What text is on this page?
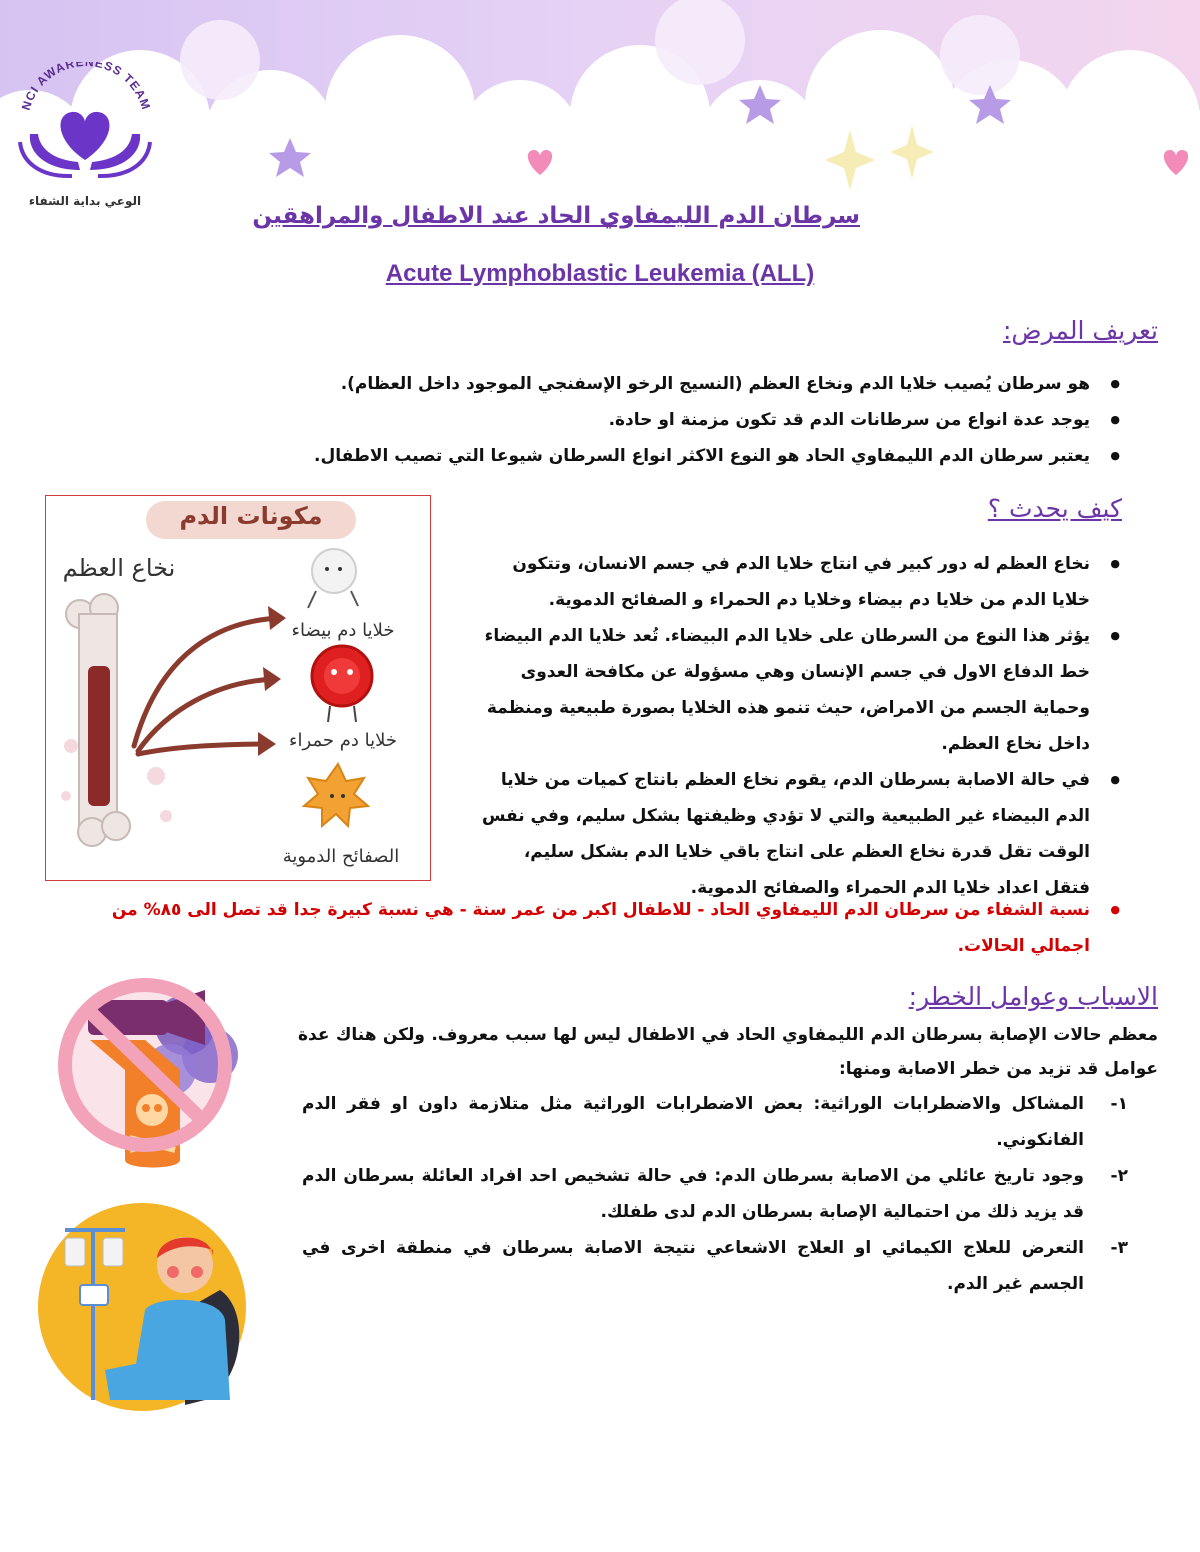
NCI AWARENESS TEAM
الوعي بداية الشفاء
سرطان الدم الليمفاوي الحاد عند الاطفال والمراهقين
Acute Lymphoblastic Leukemia (ALL)
تعريف المرض:
● هو سرطان يُصيب خلايا الدم ونخاع العظم (النسيج الرخو الإسفنجي الموجود داخل العظام).
● يوجد عدة انواع من سرطانات الدم قد تكون مزمنة او حادة.
● يعتبر سرطان الدم الليمفاوي الحاد هو النوع الاكثر انواع السرطان شيوعا التي تصيب الاطفال.
مكونات الدم
نخاع العظم
خلايا دم بيضاء
خلايا دم حمراء
الصفائح الدموية
كيف يحدث ؟
● نخاع العظم له دور كبير في انتاج خلايا الدم في جسم الانسان، وتتكون خلايا الدم من خلايا دم بيضاء وخلايا دم الحمراء و الصفائح الدموية.
● يؤثر هذا النوع من السرطان على خلايا الدم البيضاء. تُعد خلايا الدم البيضاء خط الدفاع الاول في جسم الإنسان وهي مسؤولة عن مكافحة العدوى وحماية الجسم من الامراض، حيث تنمو هذه الخلايا بصورة طبيعية ومنظمة داخل نخاع العظم.
● في حالة الاصابة بسرطان الدم، يقوم نخاع العظم بانتاج كميات من خلايا الدم البيضاء غير الطبيعية والتي لا تؤدي وظيفتها بشكل سليم، وفي نفس الوقت تقل قدرة نخاع العظم على انتاج باقي خلايا الدم بشكل سليم، فتقل اعداد خلايا الدم الحمراء والصفائح الدموية.
● نسبة الشفاء من سرطان الدم الليمفاوي الحاد - للاطفال اكبر من عمر سنة - هي نسبة كبيرة جدا قد تصل الى ٨٥% من اجمالي الحالات.
الاسباب وعوامل الخطر:
معظم حالات الإصابة بسرطان الدم الليمفاوي الحاد في الاطفال ليس لها سبب معروف. ولكن هناك عدة عوامل قد تزيد من خطر الاصابة ومنها:
١-
المشاكل والاضطرابات الوراثية: بعض الاضطرابات الوراثية مثل متلازمة داون او فقر الدم الفانكوني.
٢-
وجود تاريخ عائلي من الاصابة بسرطان الدم: في حالة تشخيص احد افراد العائلة بسرطان الدم قد يزيد ذلك من احتمالية الإصابة بسرطان الدم لدى طفلك.
٣-
التعرض للعلاج الكيمائي او العلاج الاشعاعي نتيجة الاصابة بسرطان في منطقة اخرى في الجسم غير الدم.
